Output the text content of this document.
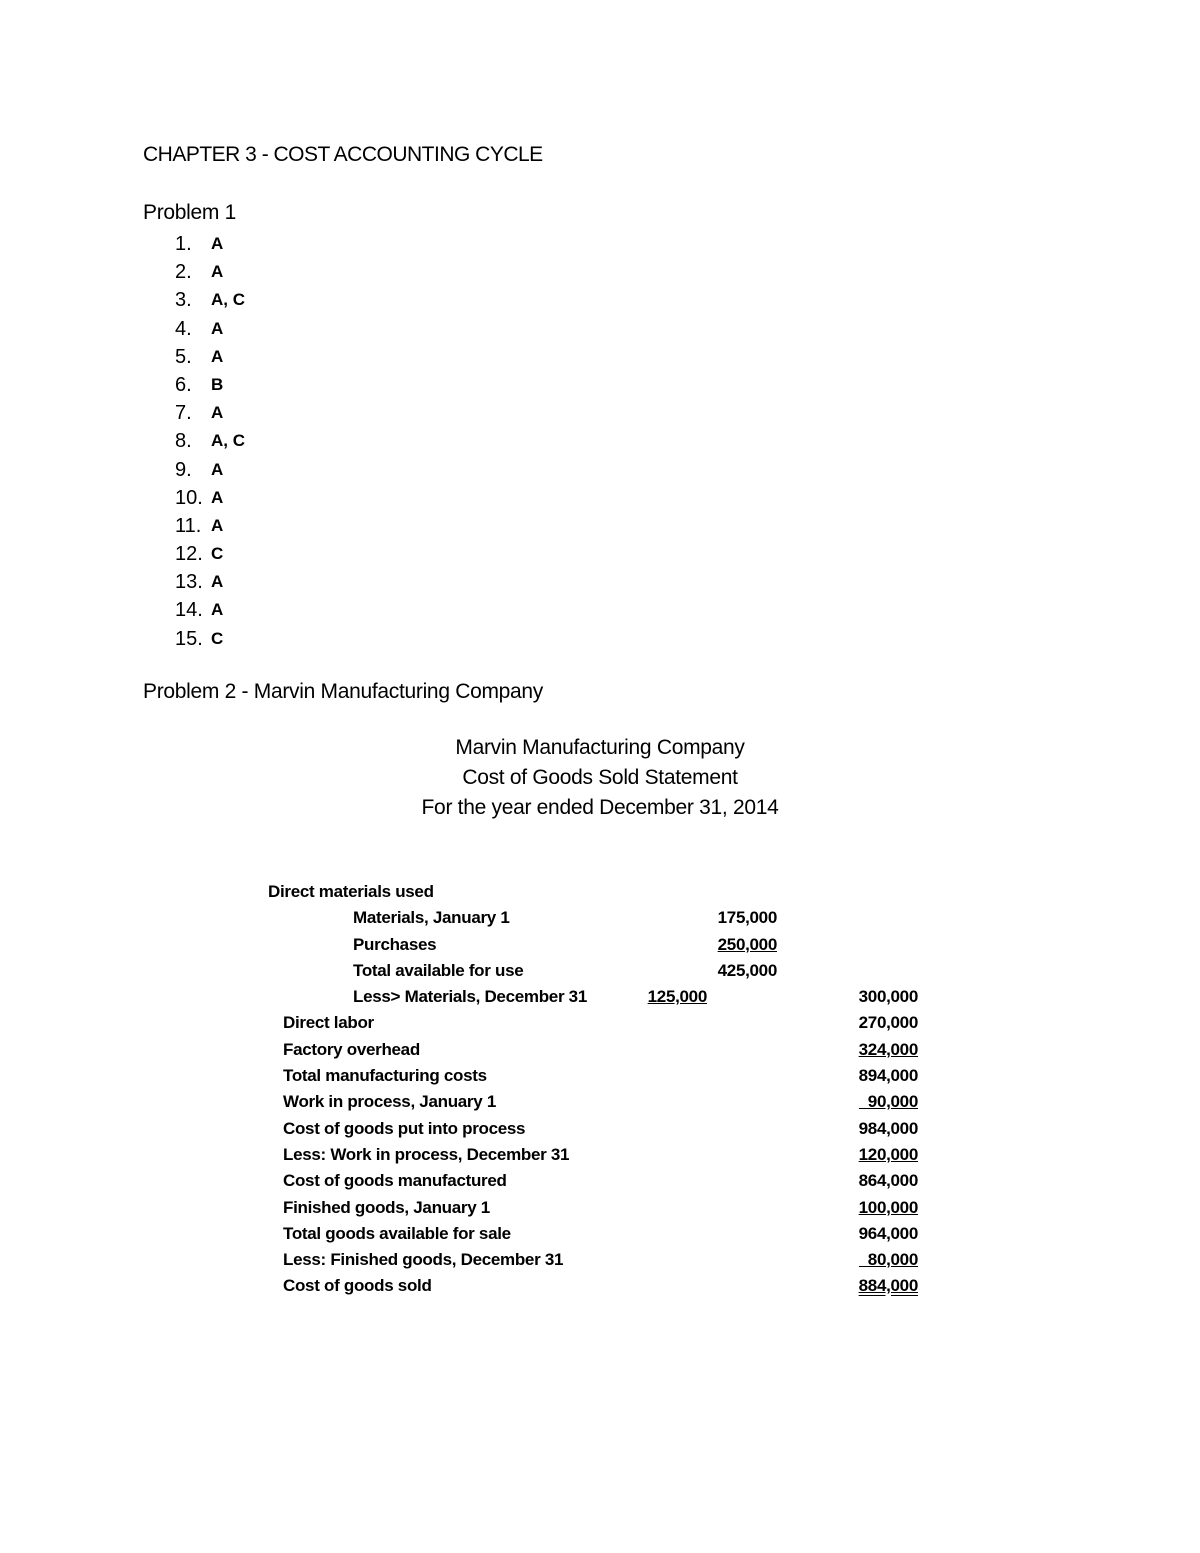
CHAPTER 3 - COST ACCOUNTING CYCLE
Problem 1
1.	A
2.	A
3.	A, C
4.	A
5.	A
6.	B
7.	A
8.	A, C
9.	A
10. A
11. A
12. C
13. A
14. A
15. C
Problem 2 - Marvin Manufacturing Company
Marvin Manufacturing Company
Cost of Goods Sold Statement
For the year ended December 31, 2014
Direct materials used
Materials, January 1	175,000
Purchases	250,000
Total available for use	425,000
Less> Materials, December 31	125,000	300,000
Direct labor	270,000
Factory overhead	324,000
Total manufacturing costs	894,000
Work in process, January 1	90,000
Cost of goods put into process	984,000
Less: Work in process, December 31	120,000
Cost of goods manufactured	864,000
Finished goods, January 1	100,000
Total goods available for sale	964,000
Less: Finished goods, December 31	80,000
Cost of goods sold	884,000
